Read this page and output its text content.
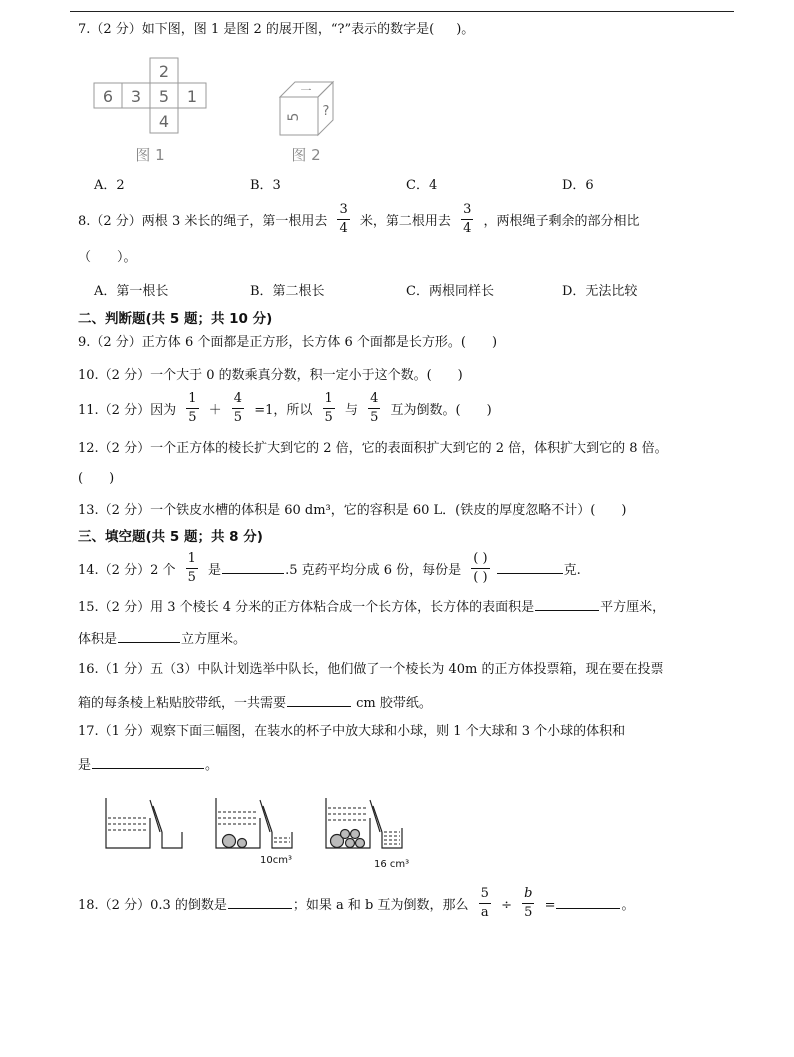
7.（2 分）如下图，图 1 是图 2 的展开图，“?”表示的数字是( )。
6 3 5 1
2
4
图 1
一
5 ?
图 2
A．2	B．3	C．4	D．6
8.（2 分）两根 3 米长的绳子，第一根用去 $\frac{3}{4}$ 米，第二根用去 $\frac{3}{4}$ ，两根绳子剩余的部分相比
（　　）。
A．第一根长	B．第二根长	C．两根同样长	D．无法比较
二、判断题(共 5 题；共 10 分)
9.（2 分）正方体 6 个面都是正方形，长方体 6 个面都是长方形。(　　)
10.（2 分）一个大于 0 的数乘真分数，积一定小于这个数。(　　)
11.（2 分）因为 $\frac{1}{5} + \frac{4}{5} =1$，所以 $\frac{1}{5}$ 与 $\frac{4}{5}$ 互为倒数。(　　)
12.（2 分）一个正方体的棱长扩大到它的 2 倍，它的表面积扩大到它的 2 倍，体积扩大到它的 8 倍。
(　　)
13.（2 分）一个铁皮水槽的体积是 60 dm³，它的容积是 60 L．(铁皮的厚度忽略不计）(　　)
三、填空题(共 5 题；共 8 分)
14.（2 分）2 个 $\frac{1}{5}$ 是	.5 克药平均分成 6 份，每份是 $\frac{( )}{( )}$	克.
15.（2 分）用 3 个棱长 4 分米的正方体粘合成一个长方体，长方体的表面积是	平方厘米，
体积是	立方厘米。
16.（1 分）五（3）中队计划选举中队长，他们做了一个棱长为 40m 的正方体投票箱，现在要在投票
箱的每条棱上粘贴胶带纸，一共需要	cm 胶带纸。
17.（1 分）观察下面三幅图，在装水的杯子中放大球和小球，则 1 个大球和 3 个小球的体积和
是	。
10cm³	16 cm³
18.（2 分）0.3 的倒数是	；如果 a 和 b 互为倒数，那么 $\frac{5}{a} \div \frac{b}{5}$ =	。
